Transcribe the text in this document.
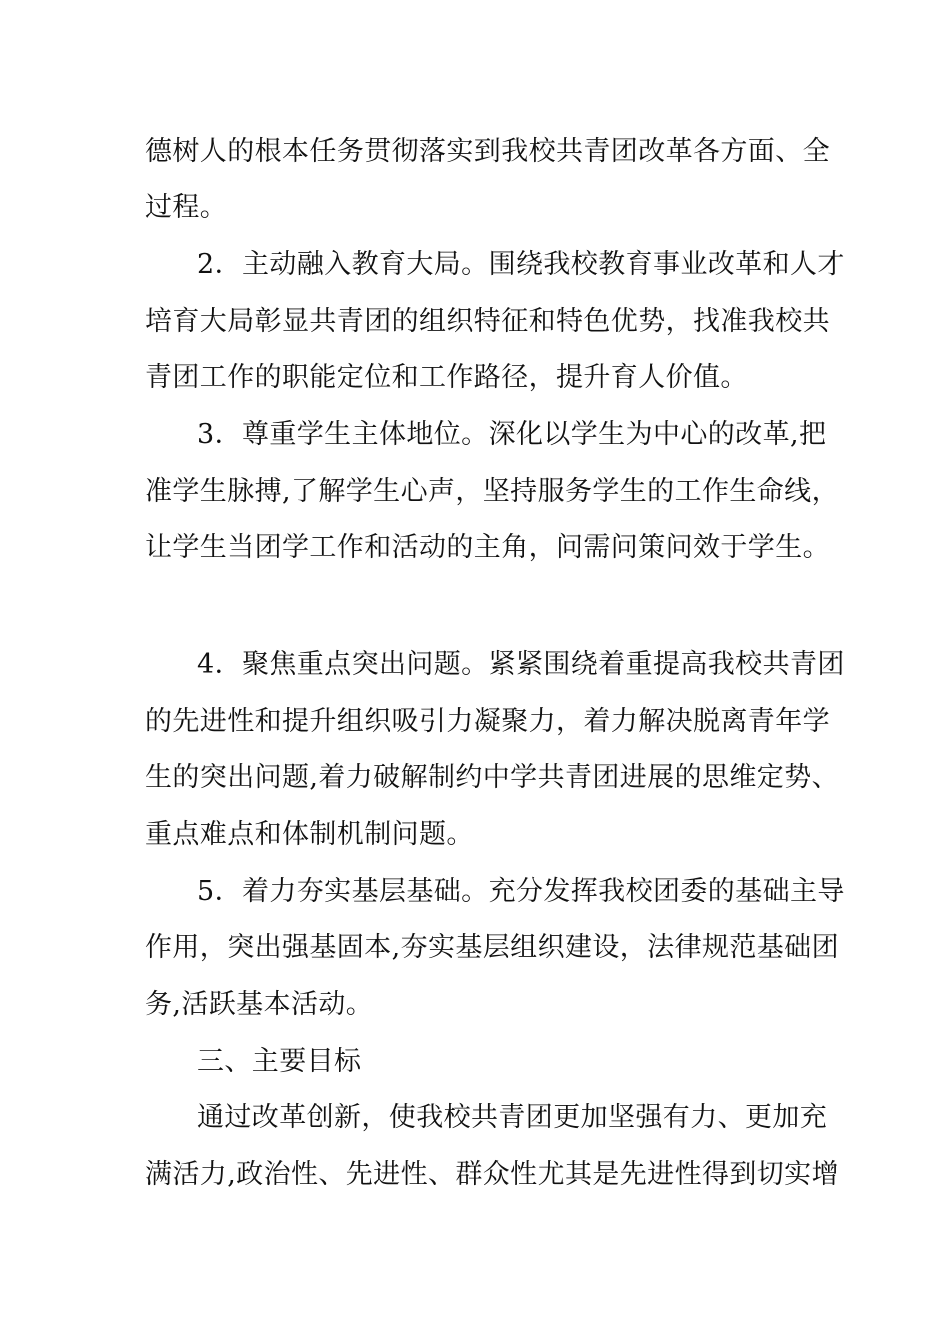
德树人的根本任务贯彻落实到我校共青团改革各方面、全
过程。
2．主动融入教育大局。围绕我校教育事业改革和人才
培育大局彰显共青团的组织特征和特色优势，找准我校共
青团工作的职能定位和工作路径，提升育人价值。
3．尊重学生主体地位。深化以学生为中心的改革,把
准学生脉搏,了解学生心声，坚持服务学生的工作生命线，
让学生当团学工作和活动的主角，问需问策问效于学生。
4．聚焦重点突出问题。紧紧围绕着重提高我校共青团
的先进性和提升组织吸引力凝聚力，着力解决脱离青年学
生的突出问题,着力破解制约中学共青团进展的思维定势、
重点难点和体制机制问题。
5．着力夯实基层基础。充分发挥我校团委的基础主导
作用，突出强基固本,夯实基层组织建设，法律规范基础团
务,活跃基本活动。
三、主要目标
通过改革创新，使我校共青团更加坚强有力、更加充
满活力,政治性、先进性、群众性尤其是先进性得到切实增
